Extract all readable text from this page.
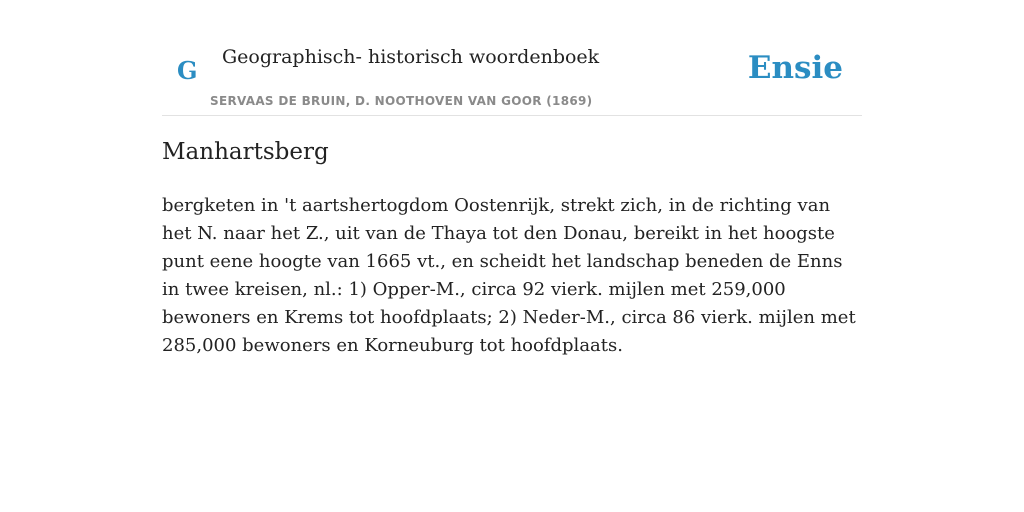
G Geographisch- historisch woordenboek
SERVAAS DE BRUIN, D. NOOTHOVEN VAN GOOR (1869)
Ensie
Manhartsberg

bergketen in 't aartshertogdom Oostenrijk, strekt zich, in de richting van het N. naar het Z., uit van de Thaya tot den Donau, bereikt in het hoogste punt eene hoogte van 1665 vt., en scheidt het landschap beneden de Enns in twee kreisen, nl.: 1) Opper-M., circa 92 vierk. mijlen met 259,000 bewoners en Krems tot hoofdplaats; 2) Neder-M., circa 86 vierk. mijlen met 285,000 bewoners en Korneuburg tot hoofdplaats.
